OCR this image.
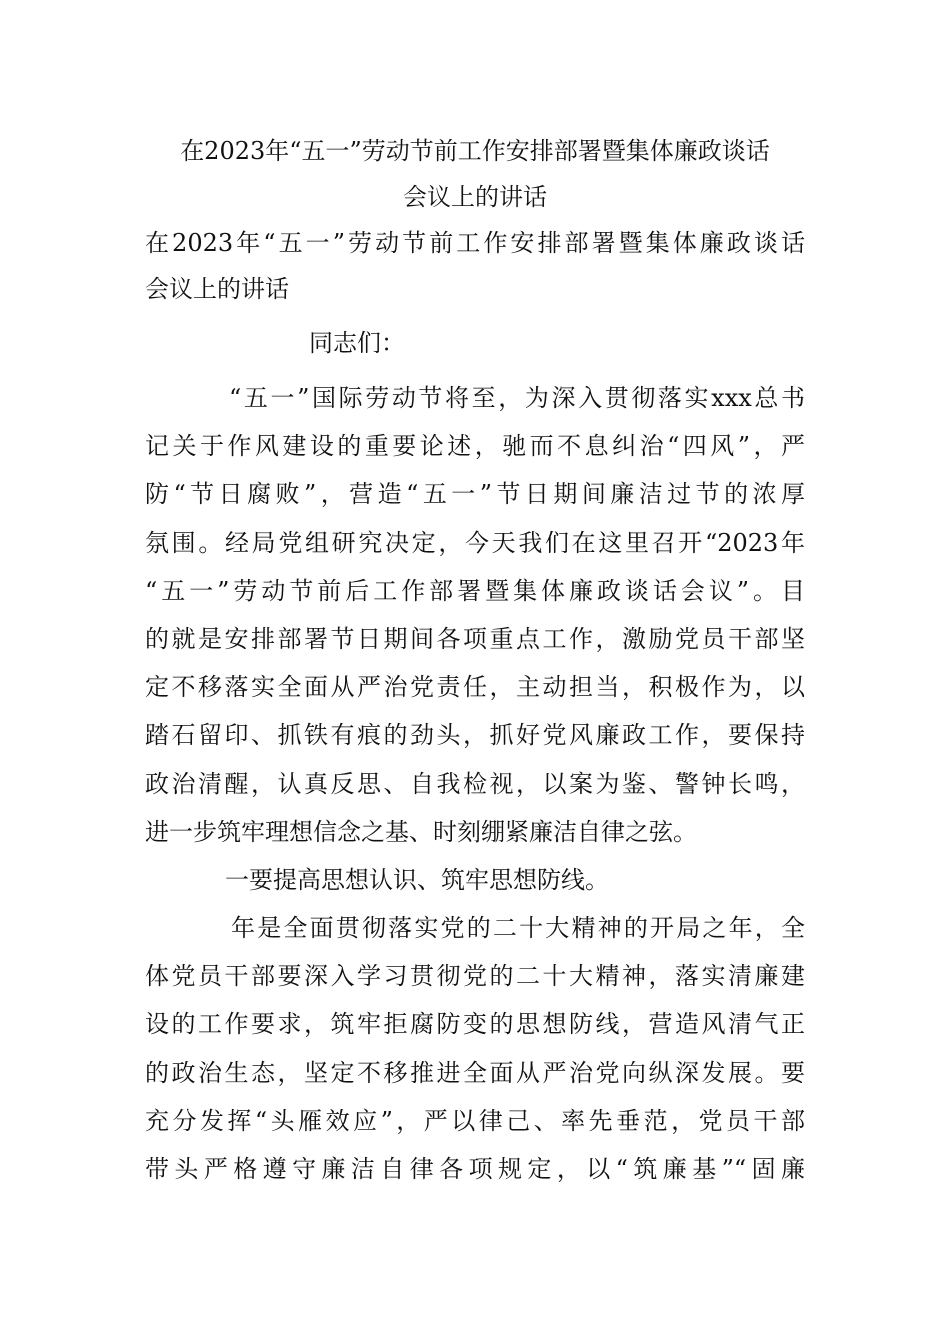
在2023年“五一”劳动节前工作安排部署暨集体廉政谈话
会议上的讲话
在2023年“五一”劳动节前工作安排部署暨集体廉政谈话
会议上的讲话
同志们：
“五一”国际劳动节将至，为深入贯彻落实xxx总书
记关于作风建设的重要论述，驰而不息纠治“四风”，严
防“节日腐败”，营造“五一”节日期间廉洁过节的浓厚
氛围。经局党组研究决定，今天我们在这里召开“2023年
“五一”劳动节前后工作部署暨集体廉政谈话会议”。目
的就是安排部署节日期间各项重点工作，激励党员干部坚
定不移落实全面从严治党责任，主动担当，积极作为，以
踏石留印、抓铁有痕的劲头，抓好党风廉政工作，要保持
政治清醒，认真反思、自我检视，以案为鉴、警钟长鸣，
进一步筑牢理想信念之基、时刻绷紧廉洁自律之弦。
一要提高思想认识、筑牢思想防线。
年是全面贯彻落实党的二十大精神的开局之年，全
体党员干部要深入学习贯彻党的二十大精神，落实清廉建
设的工作要求，筑牢拒腐防变的思想防线，营造风清气正
的政治生态，坚定不移推进全面从严治党向纵深发展。要
充分发挥“头雁效应”，严以律己、率先垂范，党员干部
带头严格遵守廉洁自律各项规定，以“筑廉基”“固廉
